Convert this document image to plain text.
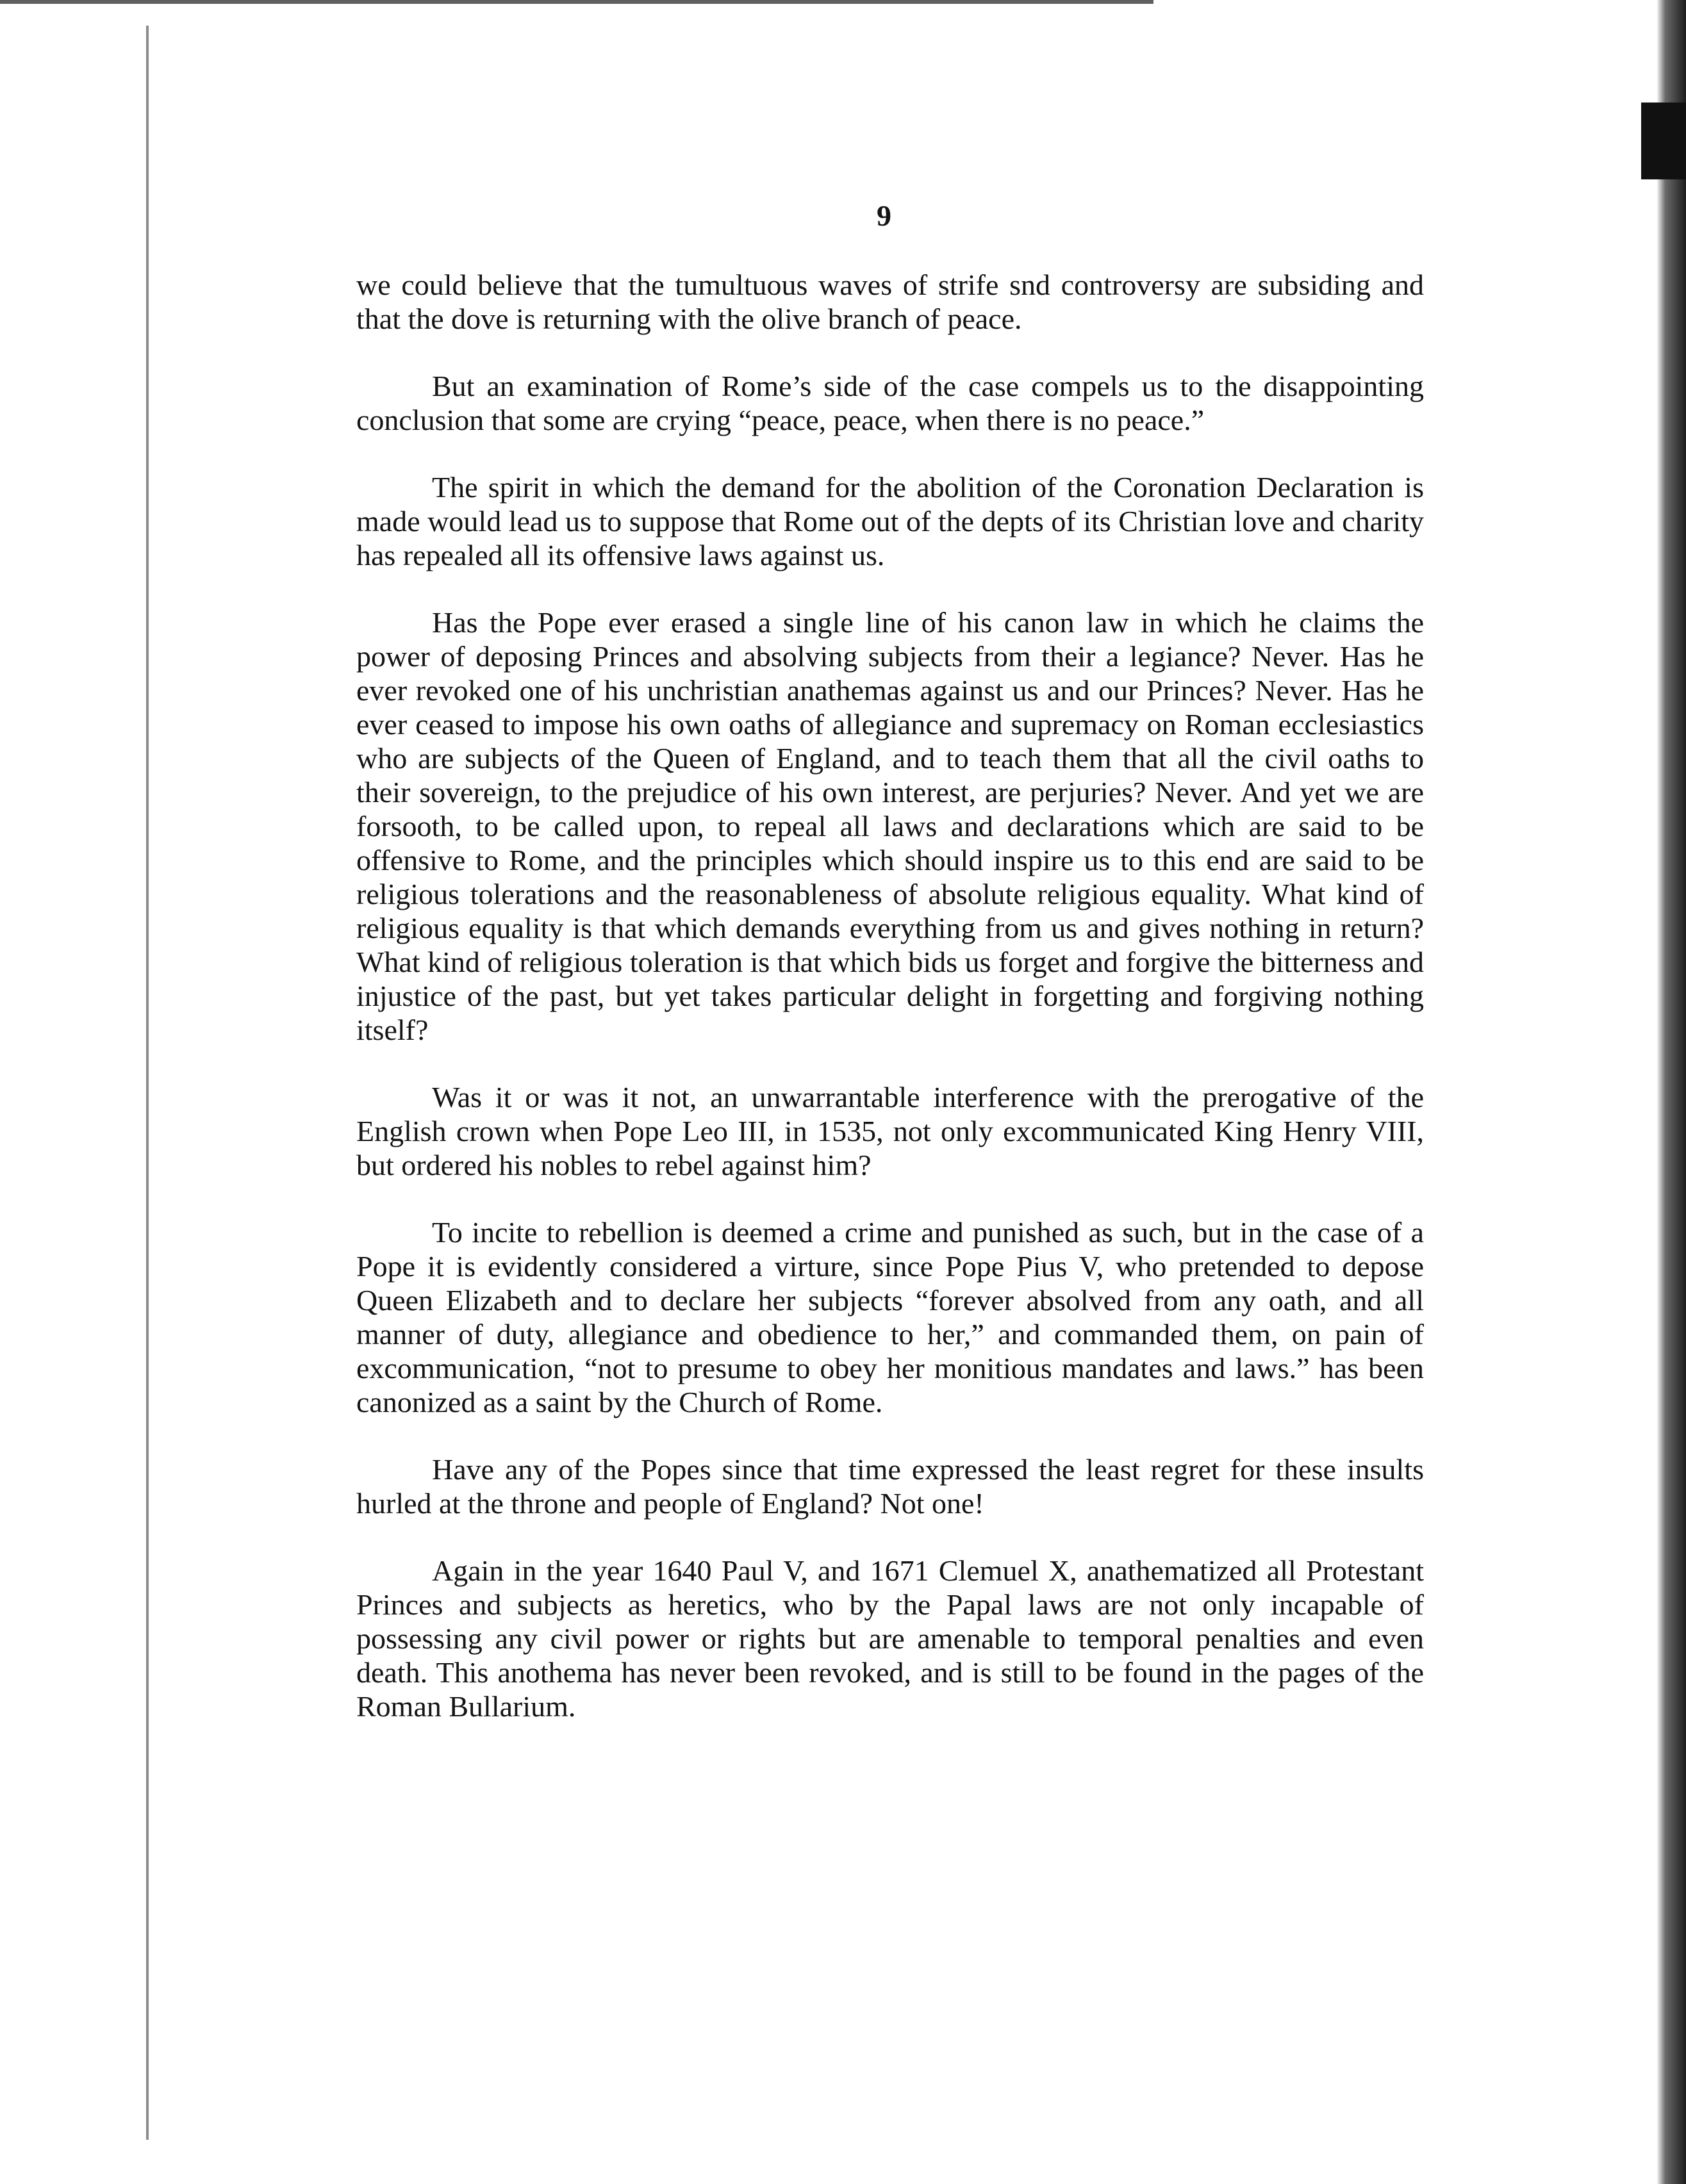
9

we could believe that the tumultuous waves of strife snd controversy are subsiding and that the dove is returning with the olive branch of peace.

But an examination of Rome’s side of the case compels us to the disappointing conclusion that some are crying “peace, peace, when there is no peace.”

The spirit in which the demand for the abolition of the Coronation Declaration is made would lead us to suppose that Rome out of the depts of its Christian love and charity has repealed all its offensive laws against us.

Has the Pope ever erased a single line of his canon law in which he claims the power of deposing Princes and absolving subjects from their a legiance? Never. Has he ever revoked one of his unchristian anathemas against us and our Princes? Never. Has he ever ceased to impose his own oaths of allegiance and supremacy on Roman ecclesiastics who are subjects of the Queen of England, and to teach them that all the civil oaths to their sovereign, to the prejudice of his own interest, are perjuries? Never. And yet we are forsooth, to be called upon, to repeal all laws and declarations which are said to be offensive to Rome, and the principles which should inspire us to this end are said to be religious tolerations and the reasonableness of absolute religious equality. What kind of religious equality is that which demands everything from us and gives nothing in return? What kind of religious toleration is that which bids us forget and forgive the bitterness and injustice of the past, but yet takes particular delight in forgetting and forgiving nothing itself?

Was it or was it not, an unwarrantable interference with the prerogative of the English crown when Pope Leo III, in 1535, not only excommunicated King Henry VIII, but ordered his nobles to rebel against him?

To incite to rebellion is deemed a crime and punished as such, but in the case of a Pope it is evidently considered a virture, since Pope Pius V, who pretended to depose Queen Elizabeth and to declare her subjects “forever absolved from any oath, and all manner of duty, allegiance and obedience to her,” and commanded them, on pain of excommunication, “not to presume to obey her monitious mandates and laws.” has been canonized as a saint by the Church of Rome.

Have any of the Popes since that time expressed the least regret for these insults hurled at the throne and people of England? Not one!

Again in the year 1640 Paul V, and 1671 Clemuel X, anathematized all Protestant Princes and subjects as heretics, who by the Papal laws are not only incapable of possessing any civil power or rights but are amenable to temporal penalties and even death. This anothema has never been revoked, and is still to be found in the pages of the Roman Bullarium.
